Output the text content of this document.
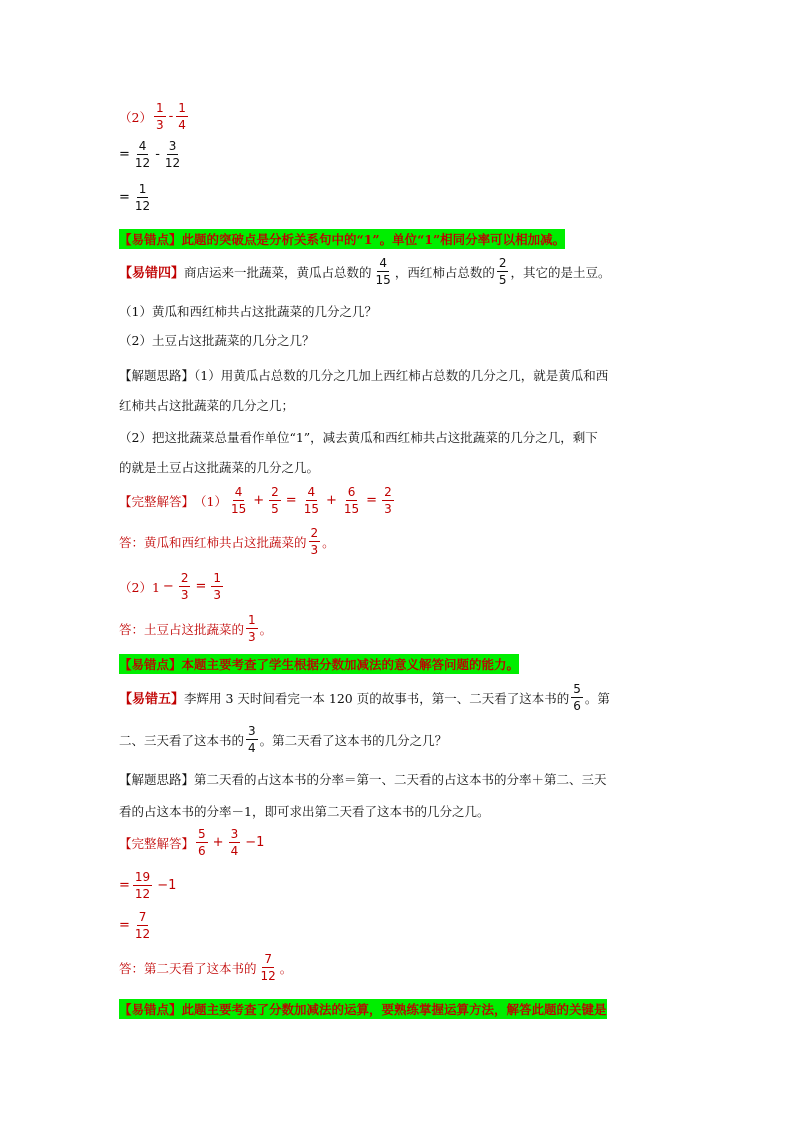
$(2) \frac{1}{3} - \frac{1}{4}$
= $\frac{4}{12} - \frac{3}{12}$
= $\frac{1}{12}$
【易错点】此题的突破点是分析关系句中的“1”。单位“1”相同分率可以相加减。
【易错四】 商店运来一批蔬菜，黄瓜占总数的 $\frac{4}{15}$ ，西红柿占总数的 $\frac{2}{5}$ ，其它的是土豆。
（1）黄瓜和西红柿共占这批蔬菜的几分之几？
（2）土豆占这批蔬菜的几分之几？
【解题思路】（1）用黄瓜占总数的几分之几加上西红柿占总数的几分之几，就是黄瓜和西
红柿共占这批蔬菜的几分之几；
（2）把这批蔬菜总量看作单位“1”，减去黄瓜和西红柿共占这批蔬菜的几分之几，剩下
的就是土豆占这批蔬菜的几分之几。
【完整解答】 $(1) \frac{4}{15} + \frac{2}{5} = \frac{4}{15} + \frac{6}{15} = \frac{2}{3}$
答：黄瓜和西红柿共占这批蔬菜的 $\frac{2}{3}$ 。
$(2)1 - \frac{2}{3} = \frac{1}{3}$
答：土豆占这批蔬菜的 $\frac{1}{3}$ 。
【易错点】本题主要考查了学生根据分数加减法的意义解答问题的能力。
【易错五】 李辉用 3 天时间看完一本 120 页的故事书，第一、二天看了这本书的 $\frac{5}{6}$ 。第
二、三天看了这本书的 $\frac{3}{4}$ 。第二天看了这本书的几分之几？
【解题思路】第二天看的占这本书的分率＝第一、二天看的占这本书的分率＋第二、三天
看的占这本书的分率－1，即可求出第二天看了这本书的几分之几。
【完整解答】 $\frac{5}{6} + \frac{3}{4} -1$
= $\frac{19}{12} -1$
= $\frac{7}{12}$
答：第二天看了这本书的 $\frac{7}{12}$ 。
【易错点】此题主要考查了分数加减法的运算，要熟练掌握运算方法，解答此题的关键是
